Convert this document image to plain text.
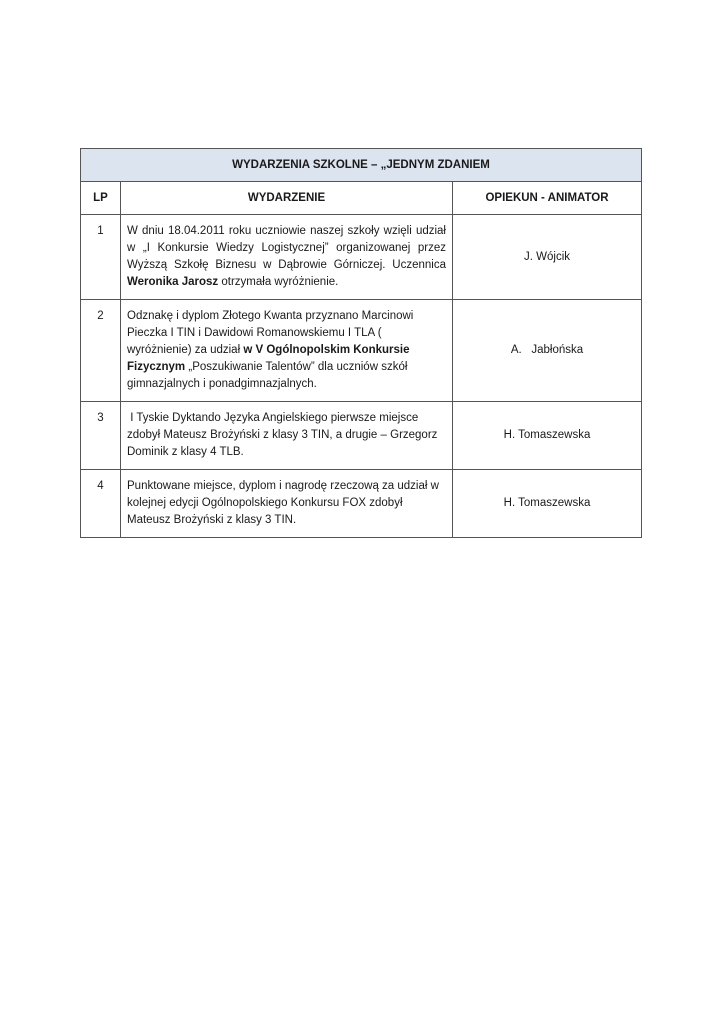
WYDARZENIA SZKOLNE – „JEDNYM ZDANIEM		
LP	WYDARZENIE	OPIEKUN - ANIMATOR
1	W dniu 18.04.2011 roku uczniowie naszej szkoły wzięli udział w „I Konkursie Wiedzy Logistycznej” organizowanej przez Wyższą Szkołę Biznesu w Dąbrowie Górniczej. Uczennica Weronika Jarosz otrzymała wyróżnienie.	J. Wójcik
2	Odznakę i dyplom Złotego Kwanta przyznano Marcinowi Pieczka I TIN i Dawidowi Romanowskiemu I TLA ( wyróżnienie) za udział w V Ogólnopolskim Konkursie Fizycznym „Poszukiwanie Talentów” dla uczniów szkół gimnazjalnych i ponadgimnazjalnych.	A.   Jabłońska
3	I Tyskie Dyktando Języka Angielskiego pierwsze miejsce zdobył Mateusz Brożyński z klasy 3 TIN, a drugie – Grzegorz Dominik z klasy 4 TLB.	H. Tomaszewska
4	Punktowane miejsce, dyplom i nagrodę rzeczową za udział w kolejnej edycji Ogólnopolskiego Konkursu FOX zdobył Mateusz Brożyński z klasy 3 TIN.	H. Tomaszewska
